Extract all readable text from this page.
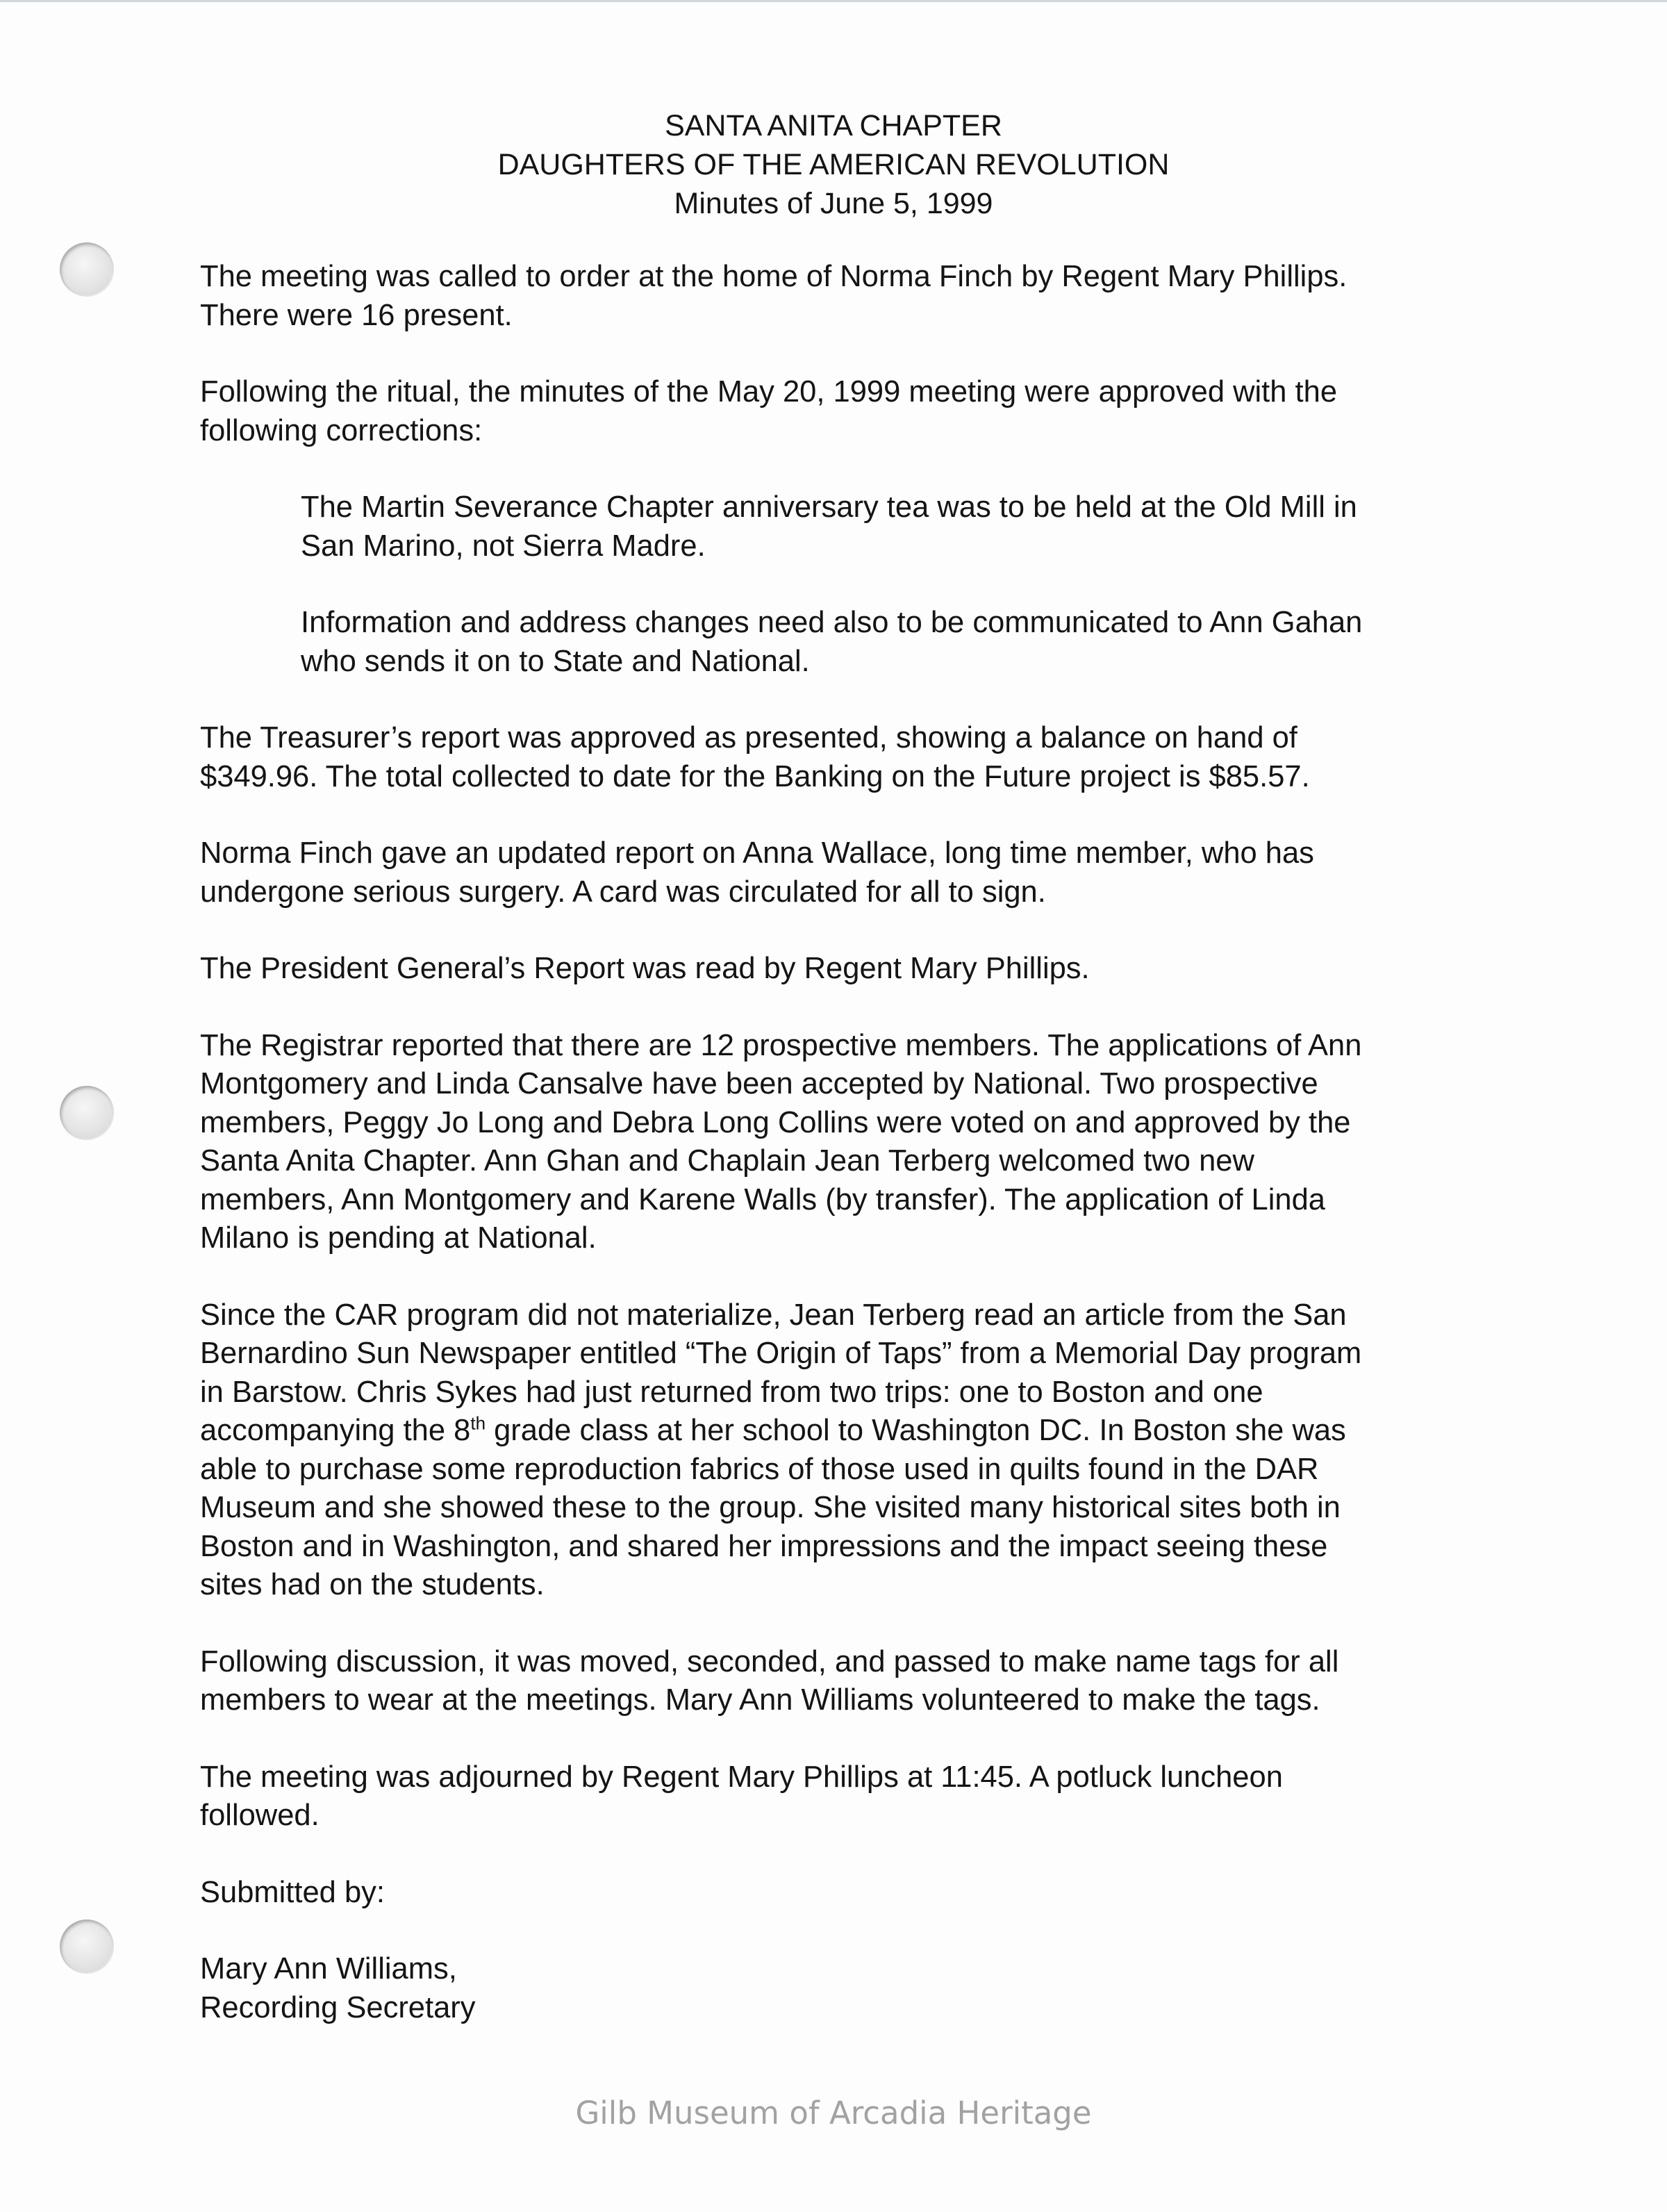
SANTA ANITA CHAPTER
DAUGHTERS OF THE AMERICAN REVOLUTION
Minutes of June 5, 1999
The meeting was called to order at the home of Norma Finch by Regent Mary Phillips.
There were 16 present.
Following the ritual, the minutes of the May 20, 1999 meeting were approved with the
following corrections:
The Martin Severance Chapter anniversary tea was to be held at the Old Mill in
San Marino, not Sierra Madre.
Information and address changes need also to be communicated to Ann Gahan
who sends it on to State and National.
The Treasurer’s report was approved as presented, showing a balance on hand of
$349.96. The total collected to date for the Banking on the Future project is $85.57.
Norma Finch gave an updated report on Anna Wallace, long time member, who has
undergone serious surgery. A card was circulated for all to sign.
The President General’s Report was read by Regent Mary Phillips.
The Registrar reported that there are 12 prospective members. The applications of Ann
Montgomery and Linda Cansalve have been accepted by National. Two prospective
members, Peggy Jo Long and Debra Long Collins were voted on and approved by the
Santa Anita Chapter. Ann Ghan and Chaplain Jean Terberg welcomed two new
members, Ann Montgomery and Karene Walls (by transfer). The application of Linda
Milano is pending at National.
Since the CAR program did not materialize, Jean Terberg read an article from the San
Bernardino Sun Newspaper entitled “The Origin of Taps” from a Memorial Day program
in Barstow. Chris Sykes had just returned from two trips: one to Boston and one
accompanying the 8th grade class at her school to Washington DC. In Boston she was
able to purchase some reproduction fabrics of those used in quilts found in the DAR
Museum and she showed these to the group. She visited many historical sites both in
Boston and in Washington, and shared her impressions and the impact seeing these
sites had on the students.
Following discussion, it was moved, seconded, and passed to make name tags for all
members to wear at the meetings. Mary Ann Williams volunteered to make the tags.
The meeting was adjourned by Regent Mary Phillips at 11:45. A potluck luncheon
followed.
Submitted by:
Mary Ann Williams,
Recording Secretary
Gilb Museum of Arcadia Heritage
